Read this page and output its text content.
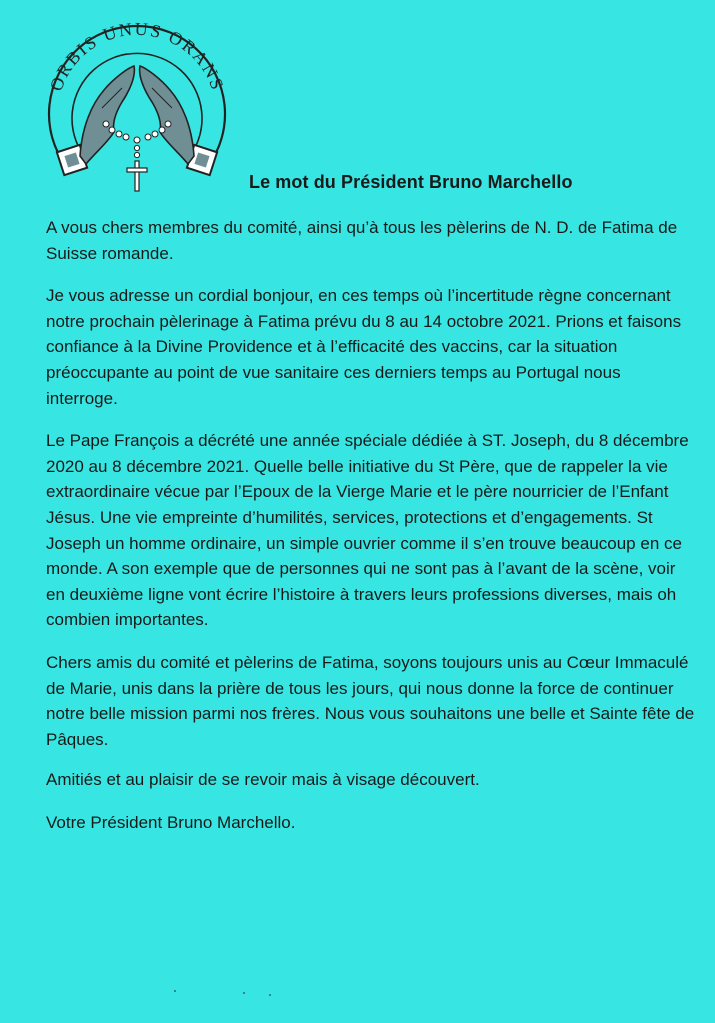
ORBIS UNUS ORANS
Le mot du Président Bruno Marchello

A vous chers membres du comité, ainsi qu’à tous les pèlerins de N. D. de Fatima de Suisse romande.

Je vous adresse un cordial bonjour, en ces temps où l’incertitude règne concernant notre prochain pèlerinage à Fatima prévu du 8 au 14 octobre 2021. Prions et faisons confiance à la Divine Providence et à l’efficacité des vaccins, car la situation préoccupante au point de vue sanitaire ces derniers temps au Portugal nous interroge.

Le Pape François a décrété une année spéciale dédiée à ST. Joseph, du 8 décembre 2020 au 8 décembre 2021. Quelle belle initiative du St Père, que de rappeler la vie extraordinaire vécue par l’Epoux de la Vierge Marie et le père nourricier de l’Enfant Jésus. Une vie empreinte d’humilités, services, protections et d’engagements. St Joseph un homme ordinaire, un simple ouvrier comme il s’en trouve beaucoup en ce monde. A son exemple que de personnes qui ne sont pas à l’avant de la scène, voir en deuxième ligne vont écrire l’histoire à travers leurs professions diverses, mais oh combien importantes.

Chers amis du comité et pèlerins de Fatima, soyons toujours unis au Cœur Immaculé de Marie, unis dans la prière de tous les jours, qui nous donne la force de continuer notre belle mission parmi nos frères. Nous vous souhaitons une belle et Sainte fête de Pâques.

Amitiés et au plaisir de se revoir mais à visage découvert.

Votre Président Bruno Marchello.
